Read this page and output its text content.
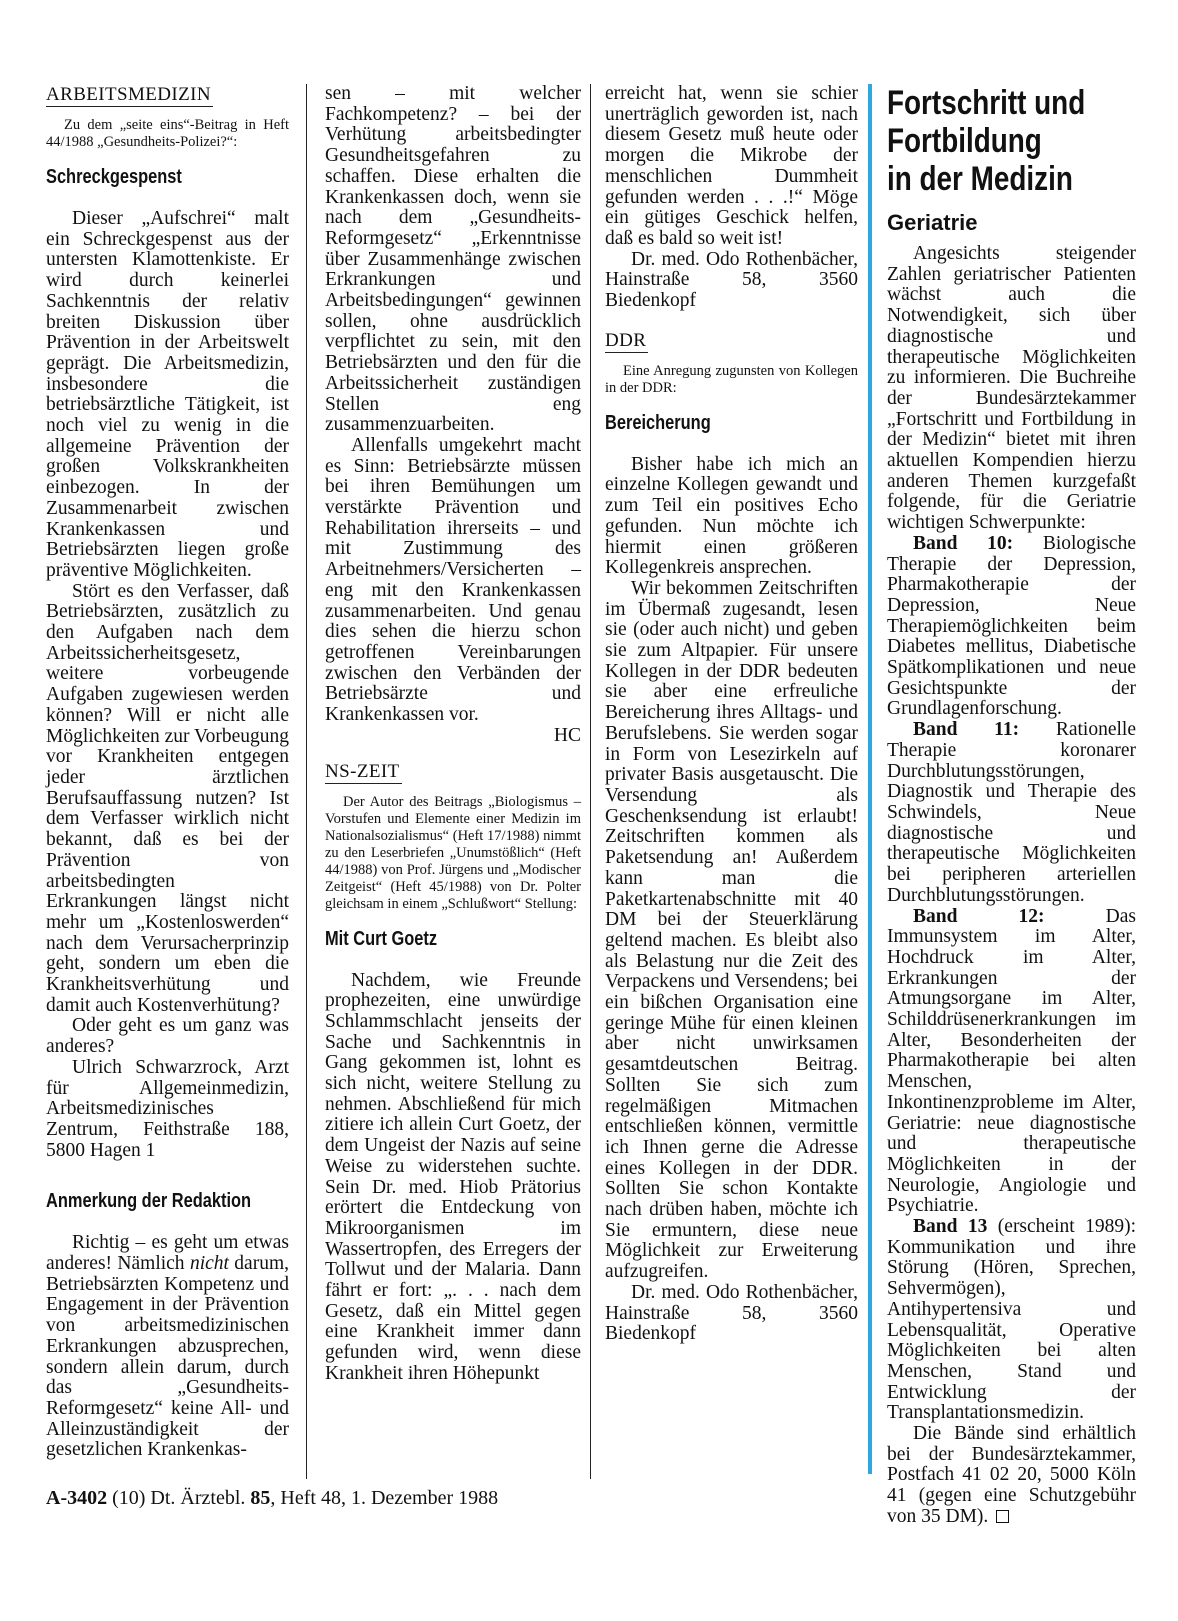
ARBEITSMEDIZIN
Zu dem „seite eins“-Beitrag in Heft 44/1988 „Gesundheits-Polizei?“:
Schreckgespenst

Dieser „Aufschrei“ malt ein Schreckgespenst aus der untersten Klamottenkiste. Er wird durch keinerlei Sachkenntnis der relativ breiten Diskussion über Prävention in der Arbeitswelt geprägt. Die Arbeitsmedizin, insbesondere die betriebsärztliche Tätigkeit, ist noch viel zu wenig in die allgemeine Prävention der großen Volkskrankheiten einbezogen. In der Zusammenarbeit zwischen Krankenkassen und Betriebsärzten liegen große präventive Möglichkeiten.

Stört es den Verfasser, daß Betriebsärzten, zusätzlich zu den Aufgaben nach dem Arbeitssicherheitsgesetz, weitere vorbeugende Aufgaben zugewiesen werden können? Will er nicht alle Möglichkeiten zur Vorbeugung vor Krankheiten entgegen jeder ärztlichen Berufsauffassung nutzen? Ist dem Verfasser wirklich nicht bekannt, daß es bei der Prävention von arbeitsbedingten Erkrankungen längst nicht mehr um „Kostenloswerden“ nach dem Verursacherprinzip geht, sondern um eben die Krankheitsverhütung und damit auch Kostenverhütung?

Oder geht es um ganz was anderes?

Ulrich Schwarzrock, Arzt für Allgemeinmedizin, Arbeitsmedizinisches Zentrum, Feithstraße 188, 5800 Hagen 1

Anmerkung der Redaktion

Richtig – es geht um etwas anderes! Nämlich nicht darum, Betriebsärzten Kompetenz und Engagement in der Prävention von arbeitsmedizinischen Erkrankungen abzusprechen, sondern allein darum, durch das „Gesundheits-Reformgesetz“ keine All- und Alleinzuständigkeit der gesetzlichen Krankenkas-

sen – mit welcher Fachkompetenz? – bei der Verhütung arbeitsbedingter Gesundheitsgefahren zu schaffen. Diese erhalten die Krankenkassen doch, wenn sie nach dem „Gesundheits-Reformgesetz“ „Erkenntnisse über Zusammenhänge zwischen Erkrankungen und Arbeitsbedingungen“ gewinnen sollen, ohne ausdrücklich verpflichtet zu sein, mit den Betriebsärzten und den für die Arbeitssicherheit zuständigen Stellen eng zusammenzuarbeiten.

Allenfalls umgekehrt macht es Sinn: Betriebsärzte müssen bei ihren Bemühungen um verstärkte Prävention und Rehabilitation ihrerseits – und mit Zustimmung des Arbeitnehmers/Versicherten – eng mit den Krankenkassen zusammenarbeiten. Und genau dies sehen die hierzu schon getroffenen Vereinbarungen zwischen den Verbänden der Betriebsärzte und Krankenkassen vor.

HC

NS-ZEIT
Der Autor des Beitrags „Biologismus – Vorstufen und Elemente einer Medizin im Nationalsozialismus“ (Heft 17/1988) nimmt zu den Leserbriefen „Unumstößlich“ (Heft 44/1988) von Prof. Jürgens und „Modischer Zeitgeist“ (Heft 45/1988) von Dr. Polter gleichsam in einem „Schlußwort“ Stellung:
Mit Curt Goetz

Nachdem, wie Freunde prophezeiten, eine unwürdige Schlammschlacht jenseits der Sache und Sachkenntnis in Gang gekommen ist, lohnt es sich nicht, weitere Stellung zu nehmen. Abschließend für mich zitiere ich allein Curt Goetz, der dem Ungeist der Nazis auf seine Weise zu widerstehen suchte. Sein Dr. med. Hiob Prätorius erörtert die Entdeckung von Mikroorganismen im Wassertropfen, des Erregers der Tollwut und der Malaria. Dann fährt er fort: „. . . nach dem Gesetz, daß ein Mittel gegen eine Krankheit immer dann gefunden wird, wenn diese Krankheit ihren Höhepunkt

erreicht hat, wenn sie schier unerträglich geworden ist, nach diesem Gesetz muß heute oder morgen die Mikrobe der menschlichen Dummheit gefunden werden . . .!“ Möge ein gütiges Geschick helfen, daß es bald so weit ist!

Dr. med. Odo Rothenbächer, Hainstraße 58, 3560 Biedenkopf

DDR
Eine Anregung zugunsten von Kollegen in der DDR:
Bereicherung

Bisher habe ich mich an einzelne Kollegen gewandt und zum Teil ein positives Echo gefunden. Nun möchte ich hiermit einen größeren Kollegenkreis ansprechen.

Wir bekommen Zeitschriften im Übermaß zugesandt, lesen sie (oder auch nicht) und geben sie zum Altpapier. Für unsere Kollegen in der DDR bedeuten sie aber eine erfreuliche Bereicherung ihres Alltags- und Berufslebens. Sie werden sogar in Form von Lesezirkeln auf privater Basis ausgetauscht. Die Versendung als Geschenksendung ist erlaubt! Zeitschriften kommen als Paketsendung an! Außerdem kann man die Paketkartenabschnitte mit 40 DM bei der Steuerklärung geltend machen. Es bleibt also als Belastung nur die Zeit des Verpackens und Versendens; bei ein bißchen Organisation eine geringe Mühe für einen kleinen aber nicht unwirksamen gesamtdeutschen Beitrag. Sollten Sie sich zum regelmäßigen Mitmachen entschließen können, vermittle ich Ihnen gerne die Adresse eines Kollegen in der DDR. Sollten Sie schon Kontakte nach drüben haben, möchte ich Sie ermuntern, diese neue Möglichkeit zur Erweiterung aufzugreifen.

Dr. med. Odo Rothenbächer, Hainstraße 58, 3560 Biedenkopf

Fortschritt und
Fortbildung
in der Medizin
Geriatrie

Angesichts steigender Zahlen geriatrischer Patienten wächst auch die Notwendigkeit, sich über diagnostische und therapeutische Möglichkeiten zu informieren. Die Buchreihe der Bundesärztekammer „Fortschritt und Fortbildung in der Medizin“ bietet mit ihren aktuellen Kompendien hierzu anderen Themen kurzgefaßt folgende, für die Geriatrie wichtigen Schwerpunkte:

Band 10: Biologische Therapie der Depression, Pharmakotherapie der Depression, Neue Therapiemöglichkeiten beim Diabetes mellitus, Diabetische Spätkomplikationen und neue Gesichtspunkte der Grundlagenforschung.

Band 11: Rationelle Therapie koronarer Durchblutungsstörungen, Diagnostik und Therapie des Schwindels, Neue diagnostische und therapeutische Möglichkeiten bei peripheren arteriellen Durchblutungsstörungen.

Band 12: Das Immunsystem im Alter, Hochdruck im Alter, Erkrankungen der Atmungsorgane im Alter, Schilddrüsenerkrankungen im Alter, Besonderheiten der Pharmakotherapie bei alten Menschen, Inkontinenzprobleme im Alter, Geriatrie: neue diagnostische und therapeutische Möglichkeiten in der Neurologie, Angiologie und Psychiatrie.

Band 13 (erscheint 1989): Kommunikation und ihre Störung (Hören, Sprechen, Sehvermögen), Antihypertensiva und Lebensqualität, Operative Möglichkeiten bei alten Menschen, Stand und Entwicklung der Transplantationsmedizin.

Die Bände sind erhältlich bei der Bundesärztekammer, Postfach 41 02 20, 5000 Köln 41 (gegen eine Schutzgebühr von 35 DM).

A-3402 (10) Dt. Ärztebl. 85, Heft 48, 1. Dezember 1988
